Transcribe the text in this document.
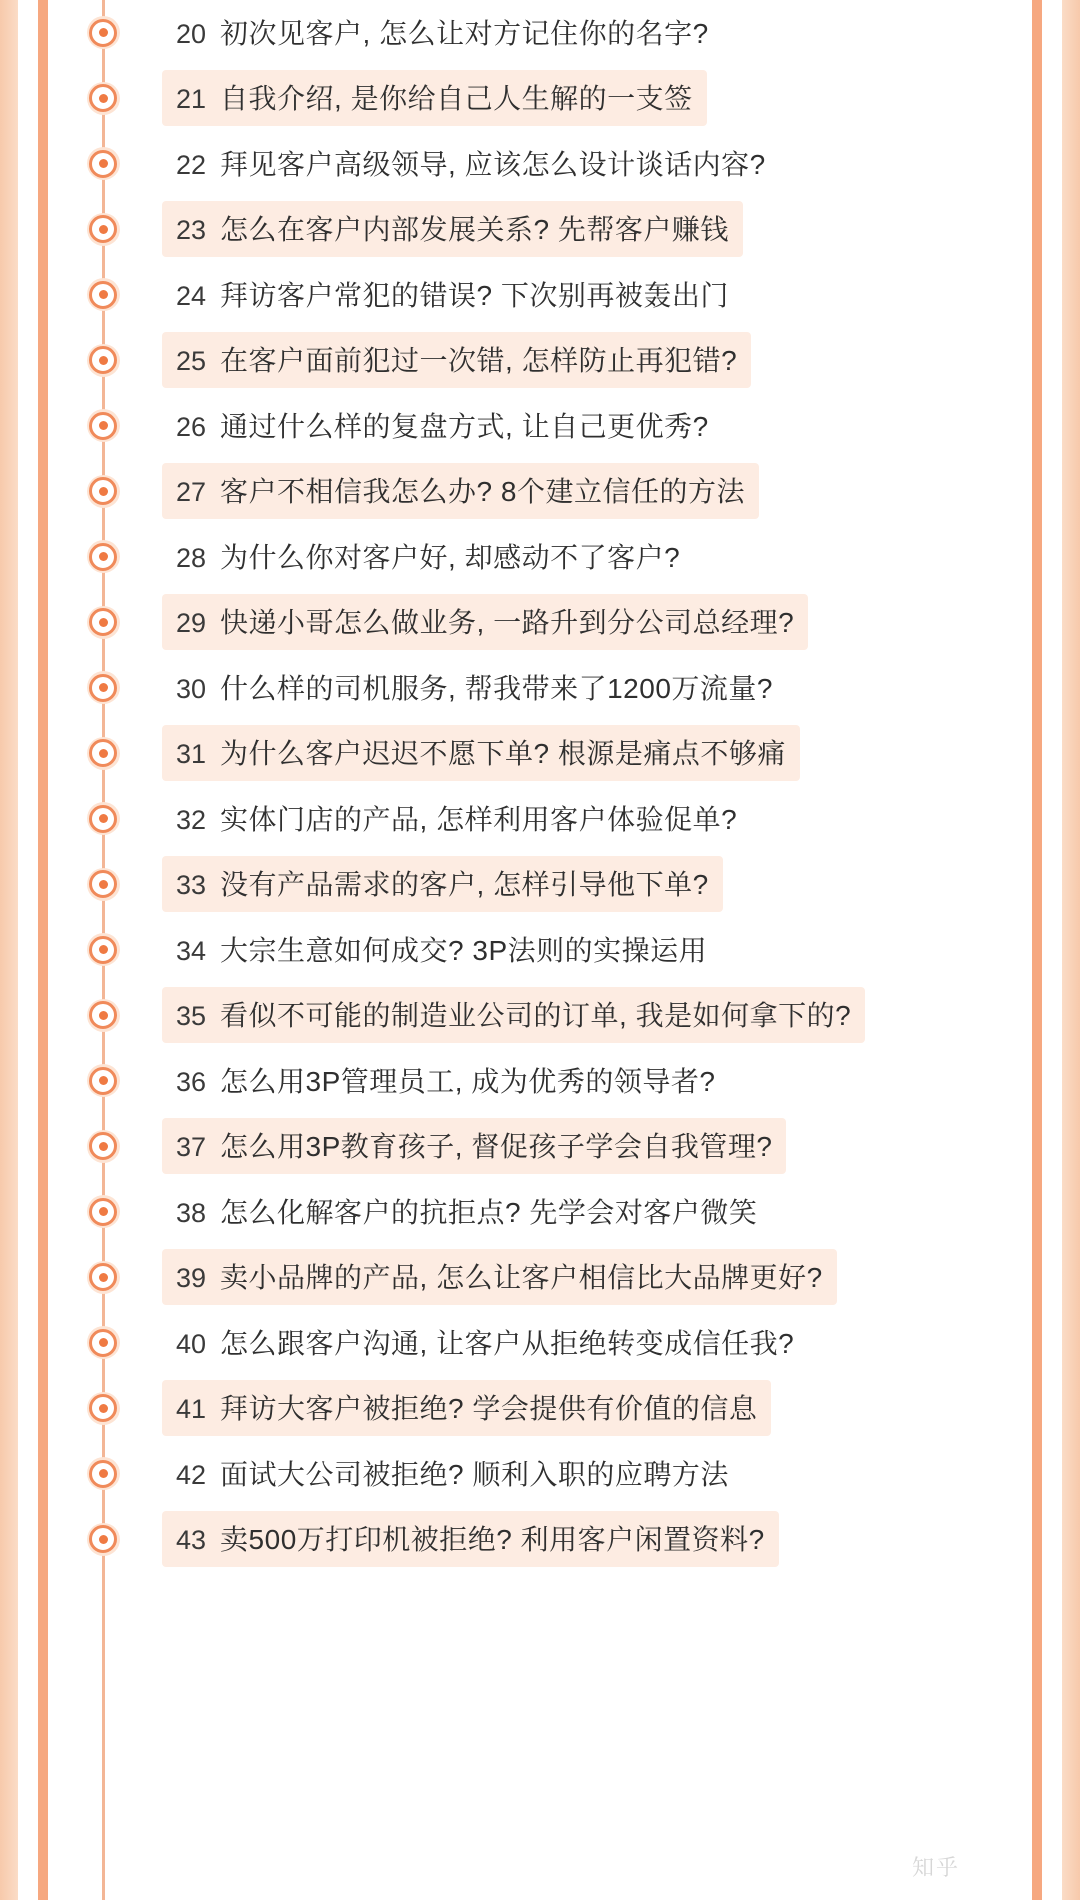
20 初次见客户, 怎么让对方记住你的名字?
21 自我介绍, 是你给自己人生解的一支签
22 拜见客户高级领导, 应该怎么设计谈话内容?
23 怎么在客户内部发展关系? 先帮客户赚钱
24 拜访客户常犯的错误? 下次别再被轰出门
25 在客户面前犯过一次错, 怎样防止再犯错?
26 通过什么样的复盘方式, 让自己更优秀?
27 客户不相信我怎么办? 8个建立信任的方法
28 为什么你对客户好, 却感动不了客户?
29 快递小哥怎么做业务, 一路升到分公司总经理?
30 什么样的司机服务, 帮我带来了1200万流量?
31 为什么客户迟迟不愿下单? 根源是痛点不够痛
32 实体门店的产品, 怎样利用客户体验促单?
33 没有产品需求的客户, 怎样引导他下单?
34 大宗生意如何成交? 3P法则的实操运用
35 看似不可能的制造业公司的订单, 我是如何拿下的?
36 怎么用3P管理员工, 成为优秀的领导者?
37 怎么用3P教育孩子, 督促孩子学会自我管理?
38 怎么化解客户的抗拒点? 先学会对客户微笑
39 卖小品牌的产品, 怎么让客户相信比大品牌更好?
40 怎么跟客户沟通, 让客户从拒绝转变成信任我?
41 拜访大客户被拒绝? 学会提供有价值的信息
42 面试大公司被拒绝? 顺利入职的应聘方法
43 卖500万打印机被拒绝? 利用客户闲置资料?
知乎
